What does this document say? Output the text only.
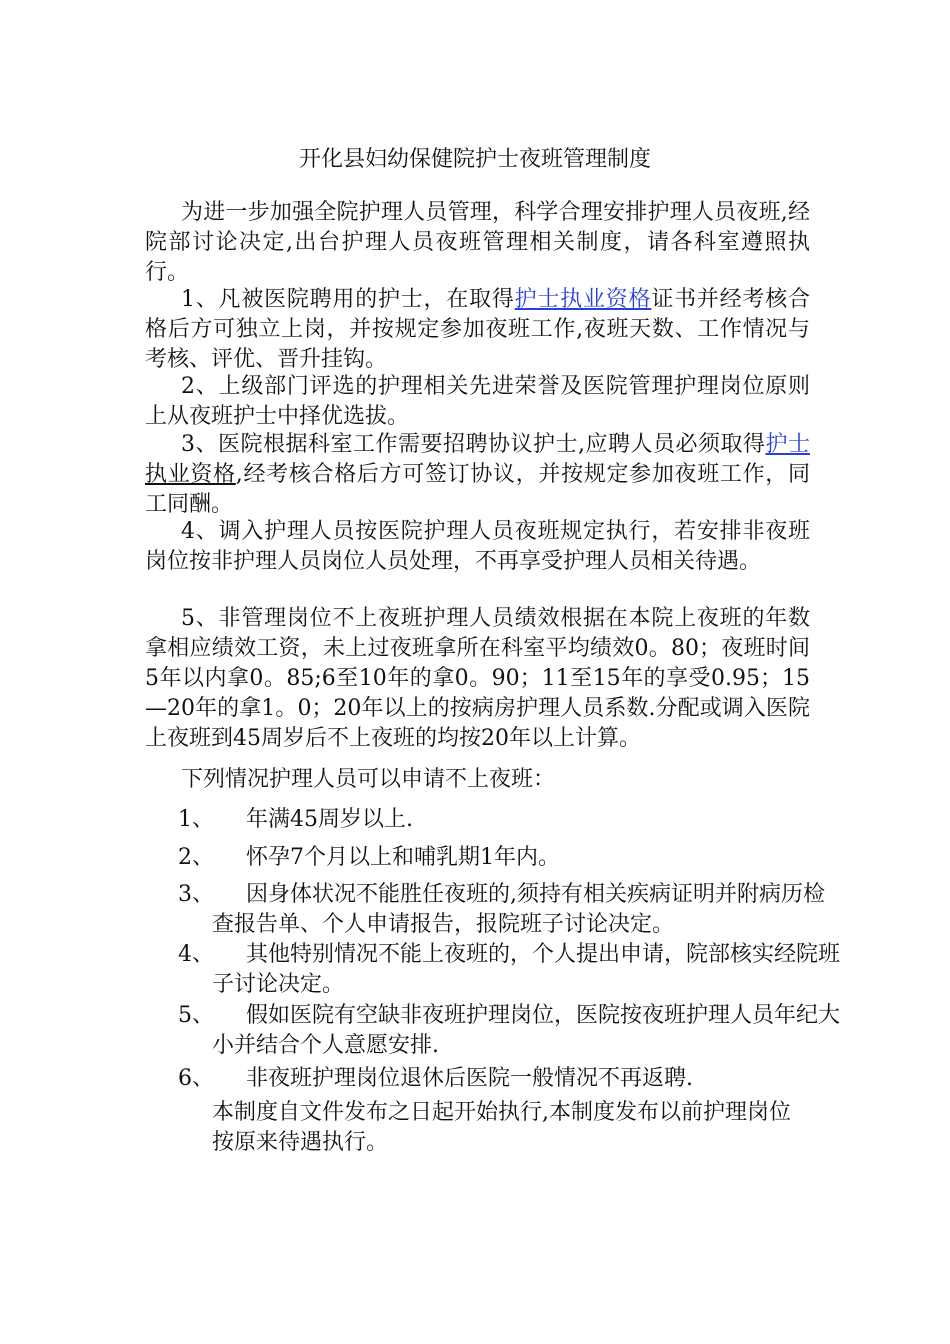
开化县妇幼保健院护士夜班管理制度

为进一步加强全院护理人员管理，科学合理安排护理人员夜班,经院部讨论决定,出台护理人员夜班管理相关制度，请各科室遵照执行。

1、凡被医院聘用的护士，在取得护士执业资格证书并经考核合格后方可独立上岗，并按规定参加夜班工作,夜班天数、工作情况与考核、评优、晋升挂钩。

2、上级部门评选的护理相关先进荣誉及医院管理护理岗位原则上从夜班护士中择优选拔。

3、医院根据科室工作需要招聘协议护士,应聘人员必须取得护士执业资格,经考核合格后方可签订协议，并按规定参加夜班工作，同工同酬。

4、调入护理人员按医院护理人员夜班规定执行，若安排非夜班岗位按非护理人员岗位人员处理，不再享受护理人员相关待遇。

5、非管理岗位不上夜班护理人员绩效根据在本院上夜班的年数拿相应绩效工资，未上过夜班拿所在科室平均绩效0。80；夜班时间5年以内拿0。85;6至10年的拿0。90；11至15年的享受0.95；15—20年的拿1。0；20年以上的按病房护理人员系数.分配或调入医院上夜班到45周岁后不上夜班的均按20年以上计算。

下列情况护理人员可以申请不上夜班：

1、 年满45周岁以上.

2、 怀孕7个月以上和哺乳期1年内。

3、 因身体状况不能胜任夜班的,须持有相关疾病证明并附病历检查报告单、个人申请报告，报院班子讨论决定。

4、 其他特别情况不能上夜班的，个人提出申请，院部核实经院班子讨论决定。

5、 假如医院有空缺非夜班护理岗位，医院按夜班护理人员年纪大小并结合个人意愿安排.

6、 非夜班护理岗位退休后医院一般情况不再返聘.

本制度自文件发布之日起开始执行,本制度发布以前护理岗位按原来待遇执行。
